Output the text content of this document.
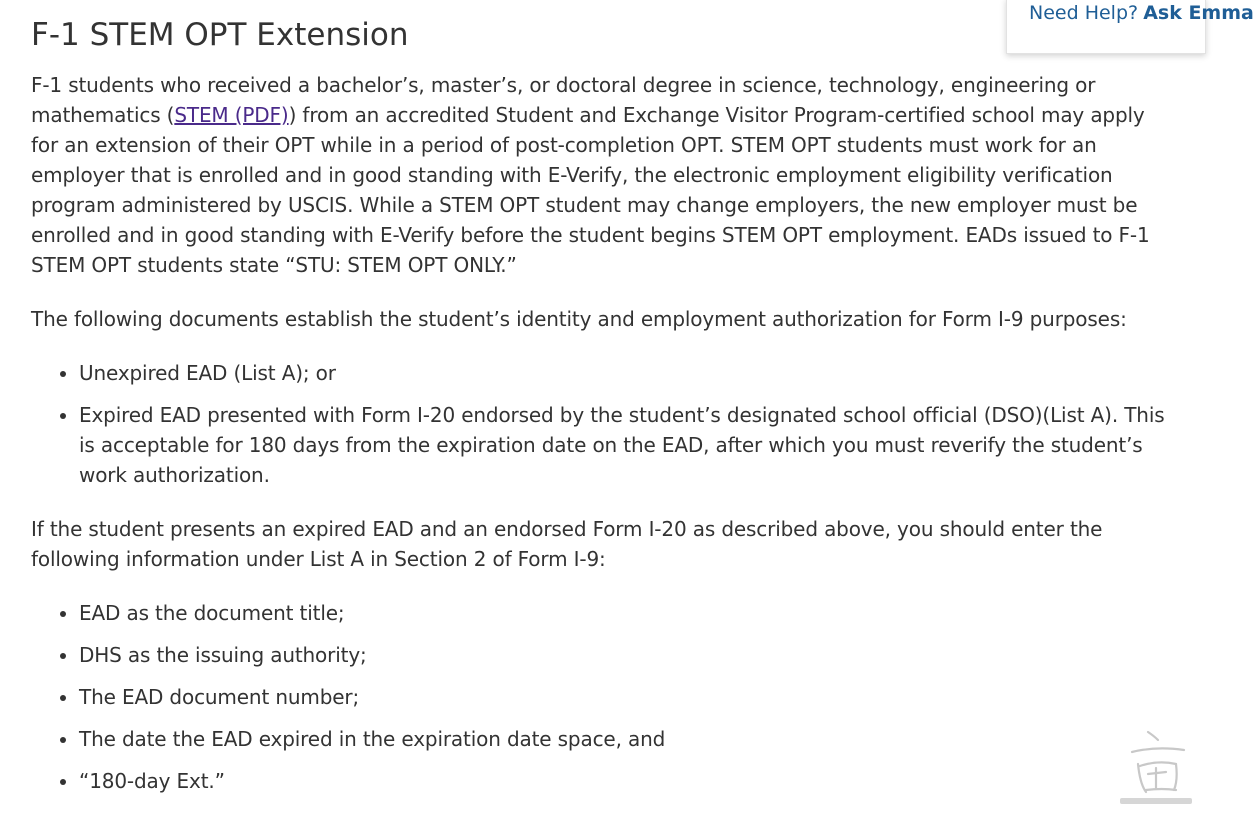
F-1 STEM OPT Extension

F-1 students who received a bachelor’s, master’s, or doctoral degree in science, technology, engineering or mathematics (STEM (PDF)) from an accredited Student and Exchange Visitor Program-certified school may apply for an extension of their OPT while in a period of post-completion OPT. STEM OPT students must work for an employer that is enrolled and in good standing with E-Verify, the electronic employment eligibility verification program administered by USCIS. While a STEM OPT student may change employers, the new employer must be enrolled and in good standing with E-Verify before the student begins STEM OPT employment. EADs issued to F-1 STEM OPT students state “STU: STEM OPT ONLY.”

The following documents establish the student’s identity and employment authorization for Form I-9 purposes:

• Unexpired EAD (List A); or
• Expired EAD presented with Form I-20 endorsed by the student’s designated school official (DSO)(List A). This is acceptable for 180 days from the expiration date on the EAD, after which you must reverify the student’s work authorization.

If the student presents an expired EAD and an endorsed Form I-20 as described above, you should enter the following information under List A in Section 2 of Form I-9:

• EAD as the document title;
• DHS as the issuing authority;
• The EAD document number;
• The date the EAD expired in the expiration date space, and
• “180-day Ext.”
Need Help? Ask Emma
